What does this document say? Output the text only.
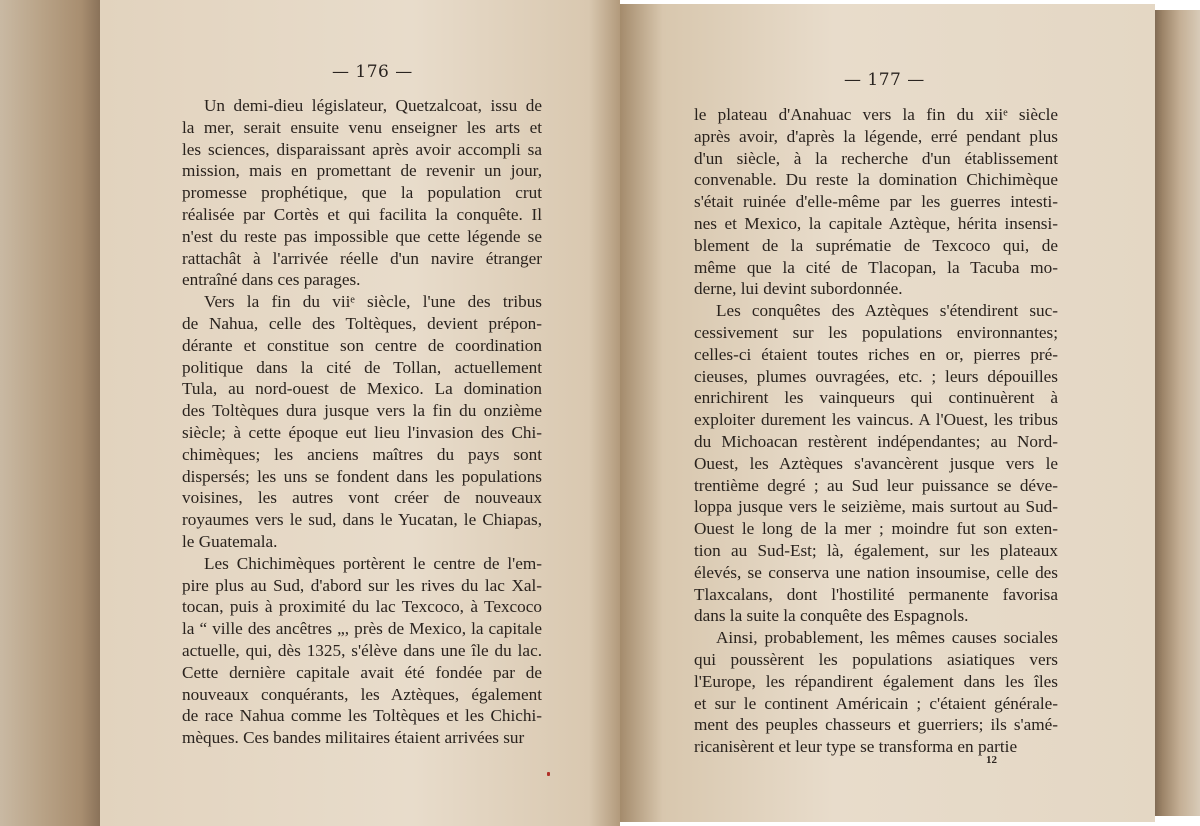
— 176 —

Un demi-dieu législateur, Quetzalcoat, issu de
la mer, serait ensuite venu enseigner les arts et
les sciences, disparaissant après avoir accompli sa
mission, mais en promettant de revenir un jour,
promesse prophétique, que la population crut
réalisée par Cortès et qui facilita la conquête. Il
n'est du reste pas impossible que cette légende se
rattachât à l'arrivée réelle d'un navire étranger
entraîné dans ces parages.

Vers la fin du viiᵉ siècle, l'une des tribus
de Nahua, celle des Toltèques, devient prépon-
dérante et constitue son centre de coordination
politique dans la cité de Tollan, actuellement
Tula, au nord-ouest de Mexico. La domination
des Toltèques dura jusque vers la fin du onzième
siècle; à cette époque eut lieu l'invasion des Chi-
chimèques; les anciens maîtres du pays sont
dispersés; les uns se fondent dans les populations
voisines, les autres vont créer de nouveaux
royaumes vers le sud, dans le Yucatan, le Chiapas,
le Guatemala.

Les Chichimèques portèrent le centre de l'em-
pire plus au Sud, d'abord sur les rives du lac Xal-
tocan, puis à proximité du lac Texcoco, à Texcoco
la “ ville des ancêtres „, près de Mexico, la capitale
actuelle, qui, dès 1325, s'élève dans une île du lac.
Cette dernière capitale avait été fondée par de
nouveaux conquérants, les Aztèques, également
de race Nahua comme les Toltèques et les Chichi-
mèques. Ces bandes militaires étaient arrivées sur

— 177 —

le plateau d'Anahuac vers la fin du xiiᵉ siècle
après avoir, d'après la légende, erré pendant plus
d'un siècle, à la recherche d'un établissement
convenable. Du reste la domination Chichimèque
s'était ruinée d'elle-même par les guerres intesti-
nes et Mexico, la capitale Aztèque, hérita insensi-
blement de la suprématie de Texcoco qui, de
même que la cité de Tlacopan, la Tacuba mo-
derne, lui devint subordonnée.

Les conquêtes des Aztèques s'étendirent suc-
cessivement sur les populations environnantes;
celles-ci étaient toutes riches en or, pierres pré-
cieuses, plumes ouvragées, etc. ; leurs dépouilles
enrichirent les vainqueurs qui continuèrent à
exploiter durement les vaincus. A l'Ouest, les tribus
du Michoacan restèrent indépendantes; au Nord-
Ouest, les Aztèques s'avancèrent jusque vers le
trentième degré ; au Sud leur puissance se déve-
loppa jusque vers le seizième, mais surtout au Sud-
Ouest le long de la mer ; moindre fut son exten-
tion au Sud-Est; là, également, sur les plateaux
élevés, se conserva une nation insoumise, celle des
Tlaxcalans, dont l'hostilité permanente favorisa
dans la suite la conquête des Espagnols.

Ainsi, probablement, les mêmes causes sociales
qui poussèrent les populations asiatiques vers
l'Europe, les répandirent également dans les îles
et sur le continent Américain ; c'étaient générale-
ment des peuples chasseurs et guerriers; ils s'amé-
ricanisèrent et leur type se transforma en partie

12
